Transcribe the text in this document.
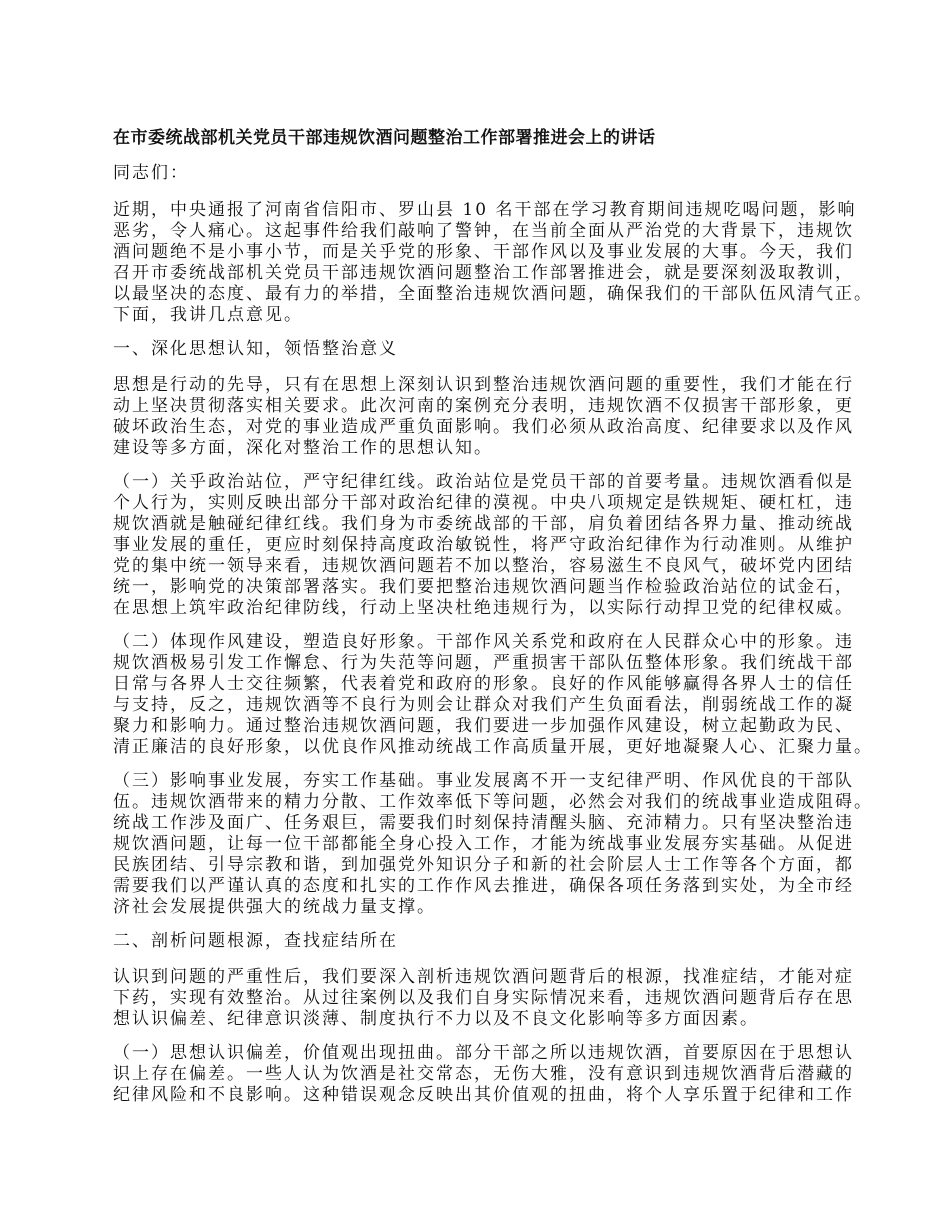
在市委统战部机关党员干部违规饮酒问题整治工作部署推进会上的讲话
同志们：
近期，中央通报了河南省信阳市、罗山县 10 名干部在学习教育期间违规吃喝问题，影响
恶劣，令人痛心。这起事件给我们敲响了警钟，在当前全面从严治党的大背景下，违规饮
酒问题绝不是小事小节，而是关乎党的形象、干部作风以及事业发展的大事。今天，我们
召开市委统战部机关党员干部违规饮酒问题整治工作部署推进会，就是要深刻汲取教训，
以最坚决的态度、最有力的举措，全面整治违规饮酒问题，确保我们的干部队伍风清气正。
下面，我讲几点意见。
一、深化思想认知，领悟整治意义
思想是行动的先导，只有在思想上深刻认识到整治违规饮酒问题的重要性，我们才能在行
动上坚决贯彻落实相关要求。此次河南的案例充分表明，违规饮酒不仅损害干部形象，更
破坏政治生态，对党的事业造成严重负面影响。我们必须从政治高度、纪律要求以及作风
建设等多方面，深化对整治工作的思想认知。
（一）关乎政治站位，严守纪律红线。政治站位是党员干部的首要考量。违规饮酒看似是
个人行为，实则反映出部分干部对政治纪律的漠视。中央八项规定是铁规矩、硬杠杠，违
规饮酒就是触碰纪律红线。我们身为市委统战部的干部，肩负着团结各界力量、推动统战
事业发展的重任，更应时刻保持高度政治敏锐性，将严守政治纪律作为行动准则。从维护
党的集中统一领导来看，违规饮酒问题若不加以整治，容易滋生不良风气，破坏党内团结
统一，影响党的决策部署落实。我们要把整治违规饮酒问题当作检验政治站位的试金石，
在思想上筑牢政治纪律防线，行动上坚决杜绝违规行为，以实际行动捍卫党的纪律权威。
（二）体现作风建设，塑造良好形象。干部作风关系党和政府在人民群众心中的形象。违
规饮酒极易引发工作懈怠、行为失范等问题，严重损害干部队伍整体形象。我们统战干部
日常与各界人士交往频繁，代表着党和政府的形象。良好的作风能够赢得各界人士的信任
与支持，反之，违规饮酒等不良行为则会让群众对我们产生负面看法，削弱统战工作的凝
聚力和影响力。通过整治违规饮酒问题，我们要进一步加强作风建设，树立起勤政为民、
清正廉洁的良好形象，以优良作风推动统战工作高质量开展，更好地凝聚人心、汇聚力量。
（三）影响事业发展，夯实工作基础。事业发展离不开一支纪律严明、作风优良的干部队
伍。违规饮酒带来的精力分散、工作效率低下等问题，必然会对我们的统战事业造成阻碍。
统战工作涉及面广、任务艰巨，需要我们时刻保持清醒头脑、充沛精力。只有坚决整治违
规饮酒问题，让每一位干部都能全身心投入工作，才能为统战事业发展夯实基础。从促进
民族团结、引导宗教和谐，到加强党外知识分子和新的社会阶层人士工作等各个方面，都
需要我们以严谨认真的态度和扎实的工作作风去推进，确保各项任务落到实处，为全市经
济社会发展提供强大的统战力量支撑。
二、剖析问题根源，查找症结所在
认识到问题的严重性后，我们要深入剖析违规饮酒问题背后的根源，找准症结，才能对症
下药，实现有效整治。从过往案例以及我们自身实际情况来看，违规饮酒问题背后存在思
想认识偏差、纪律意识淡薄、制度执行不力以及不良文化影响等多方面因素。
（一）思想认识偏差，价值观出现扭曲。部分干部之所以违规饮酒，首要原因在于思想认
识上存在偏差。一些人认为饮酒是社交常态，无伤大雅，没有意识到违规饮酒背后潜藏的
纪律风险和不良影响。这种错误观念反映出其价值观的扭曲，将个人享乐置于纪律和工作
